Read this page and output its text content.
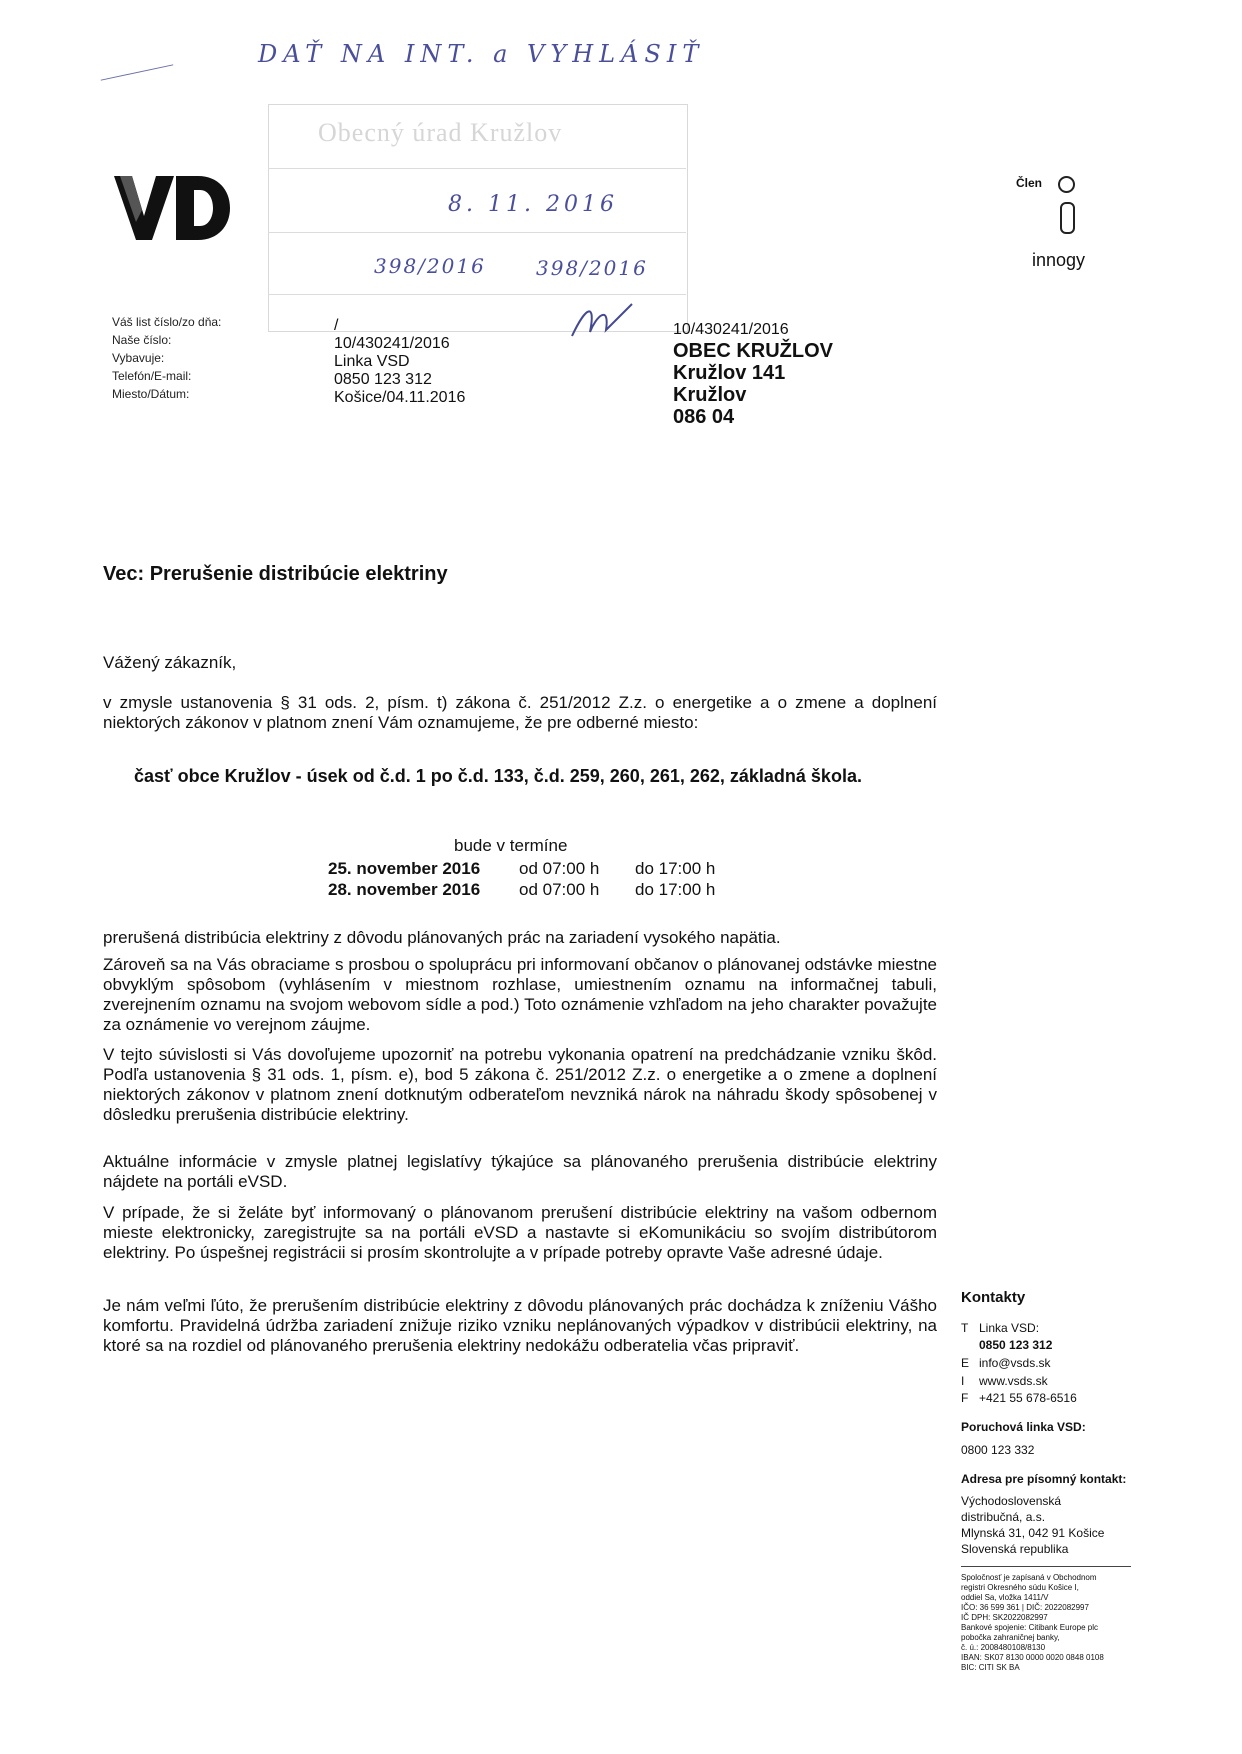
DAŤ NA INT. a VYHLÁSIŤ
Obecný úrad Kružlov
8. 11. 2016
398/2016	398/2016
Člen
innogy
Váš list číslo/zo dňa:
Naše číslo:
Vybavuje:
Telefón/E-mail:
Miesto/Dátum:
/
10/430241/2016
Linka VSD
0850 123 312
Košice/04.11.2016
10/430241/2016
OBEC KRUŽLOV
Kružlov 141
Kružlov
086 04
Vec: Prerušenie distribúcie elektriny
Vážený zákazník,
v zmysle ustanovenia § 31 ods. 2, písm. t) zákona č. 251/2012 Z.z. o energetike a o zmene a doplnení niektorých zákonov v platnom znení Vám oznamujeme, že pre odberné miesto:
časť obce Kružlov - úsek od č.d. 1 po č.d. 133, č.d. 259, 260, 261, 262, základná škola.
bude v termíne
25. november 2016 od 07:00 h do 17:00 h
28. november 2016 od 07:00 h do 17:00 h
prerušená distribúcia elektriny z dôvodu plánovaných prác na zariadení vysokého napätia.
Zároveň sa na Vás obraciame s prosbou o spoluprácu pri informovaní občanov o plánovanej odstávke miestne obvyklým spôsobom (vyhlásením v miestnom rozhlase, umiestnením oznamu na informačnej tabuli, zverejnením oznamu na svojom webovom sídle a pod.) Toto oznámenie vzhľadom na jeho charakter považujte za oznámenie vo verejnom záujme.
V tejto súvislosti si Vás dovoľujeme upozorniť na potrebu vykonania opatrení na predchádzanie vzniku škôd. Podľa ustanovenia § 31 ods. 1, písm. e), bod 5 zákona č. 251/2012 Z.z. o energetike a o zmene a doplnení niektorých zákonov v platnom znení dotknutým odberateľom nevzniká nárok na náhradu škody spôsobenej v dôsledku prerušenia distribúcie elektriny.
Aktuálne informácie v zmysle platnej legislatívy týkajúce sa plánovaného prerušenia distribúcie elektriny nájdete na portáli eVSD.
V prípade, že si želáte byť informovaný o plánovanom prerušení distribúcie elektriny na vašom odbernom mieste elektronicky, zaregistrujte sa na portáli eVSD a nastavte si eKomunikáciu so svojím distribútorom elektriny. Po úspešnej registrácii si prosím skontrolujte a v prípade potreby opravte Vaše adresné údaje.
Je nám veľmi ľúto, že prerušením distribúcie elektriny z dôvodu plánovaných prác dochádza k zníženiu Vášho komfortu. Pravidelná údržba zariadení znižuje riziko vzniku neplánovaných výpadkov v distribúcii elektriny, na ktoré sa na rozdiel od plánovaného prerušenia elektriny nedokážu odberatelia včas pripraviť.
Kontakty
T Linka VSD:
0850 123 312
E info@vsds.sk
I www.vsds.sk
F +421 55 678-6516
Poruchová linka VSD:
0800 123 332
Adresa pre písomný kontakt:
Východoslovenská
distribučná, a.s.
Mlynská 31, 042 91 Košice
Slovenská republika
Spoločnosť je zapísaná v Obchodnom
registri Okresného súdu Košice I,
oddiel Sa, vložka 1411/V
IČO: 36 599 361 | DIČ: 2022082997
IČ DPH: SK2022082997
Bankové spojenie: Citibank Europe plc
pobočka zahraničnej banky,
č. ú.: 2008480108/8130
IBAN: SK07 8130 0000 0020 0848 0108
BIC: CITI SK BA
